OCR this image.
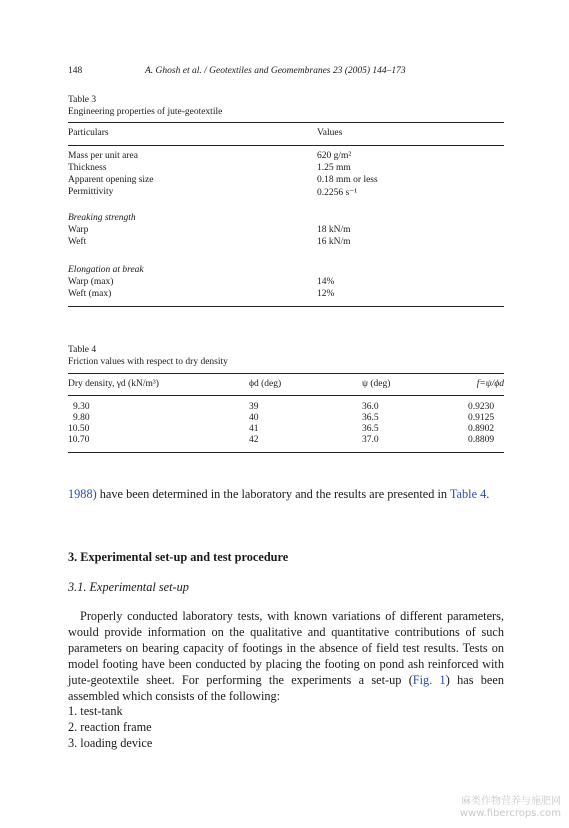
148	A. Ghosh et al. / Geotextiles and Geomembranes 23 (2005) 144–173
Table 3
Engineering properties of jute-geotextile
Particulars	Values
Mass per unit area	620 g/m²
Thickness	1.25 mm
Apparent opening size	0.18 mm or less
Permittivity	0.2256 s⁻¹
Breaking strength
Warp	18 kN/m
Weft	16 kN/m
Elongation at break
Warp (max)	14%
Weft (max)	12%
Table 4
Friction values with respect to dry density
Dry density, γd (kN/m³)	ϕd (deg)	ψ (deg)	f=ψ/ϕd
9.30	39	36.0	0.9230
9.80	40	36.5	0.9125
10.50	41	36.5	0.8902
10.70	42	37.0	0.8809
1988) have been determined in the laboratory and the results are presented in Table 4.
3. Experimental set-up and test procedure
3.1. Experimental set-up
Properly conducted laboratory tests, with known variations of different parameters, would provide information on the qualitative and quantitative contributions of such parameters on bearing capacity of footings in the absence of field test results. Tests on model footing have been conducted by placing the footing on pond ash reinforced with jute-geotextile sheet. For performing the experiments a set-up (Fig. 1) has been assembled which consists of the following:
1. test-tank
2. reaction frame
3. loading device
麻类作物营养与施肥网
www.fibercrops.com
